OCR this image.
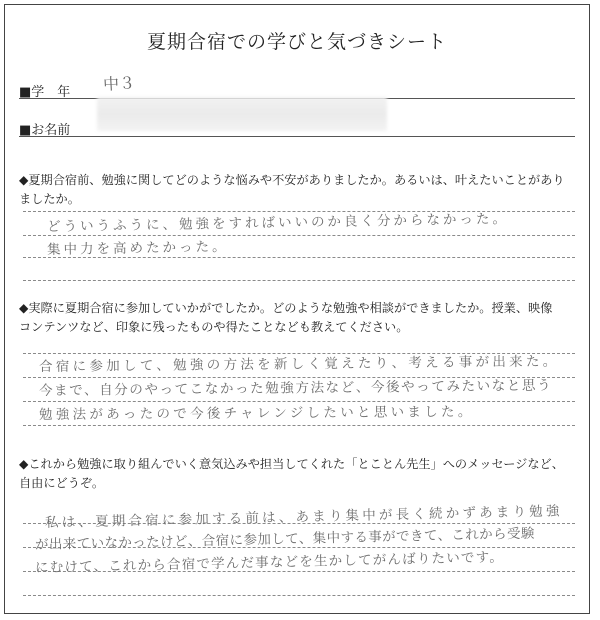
夏期合宿での学びと気づきシート
■学　年 中３
■お名前
◆夏期合宿前、勉強に関してどのような悩みや不安がありましたか。あるいは、叶えたいことがありましたか。
どういうふうに、勉強をすればいいのか良く分からなかった。
集中力を高めたかった。
◆実際に夏期合宿に参加していかがでしたか。どのような勉強や相談ができましたか。授業、映像
コンテンツなど、印象に残ったものや得たことなども教えてください。
合宿に参加して、勉強の方法を新しく覚えたり、考える事が出来た。
今まで、自分のやってこなかった勉強方法など、今後やってみたいなと思う
勉強法があったので今後チャレンジしたいと思いました。
◆これから勉強に取り組んでいく意気込みや担当してくれた「とことん先生」へのメッセージなど、
自由にどうぞ。
私は、夏期合宿に参加する前は、あまり集中が長く続かずあまり勉強
が出来ていなかったけど、合宿に参加して、集中する事ができて、これから受験
にむけて、これから合宿で学んだ事などを生かしてがんばりたいです。
